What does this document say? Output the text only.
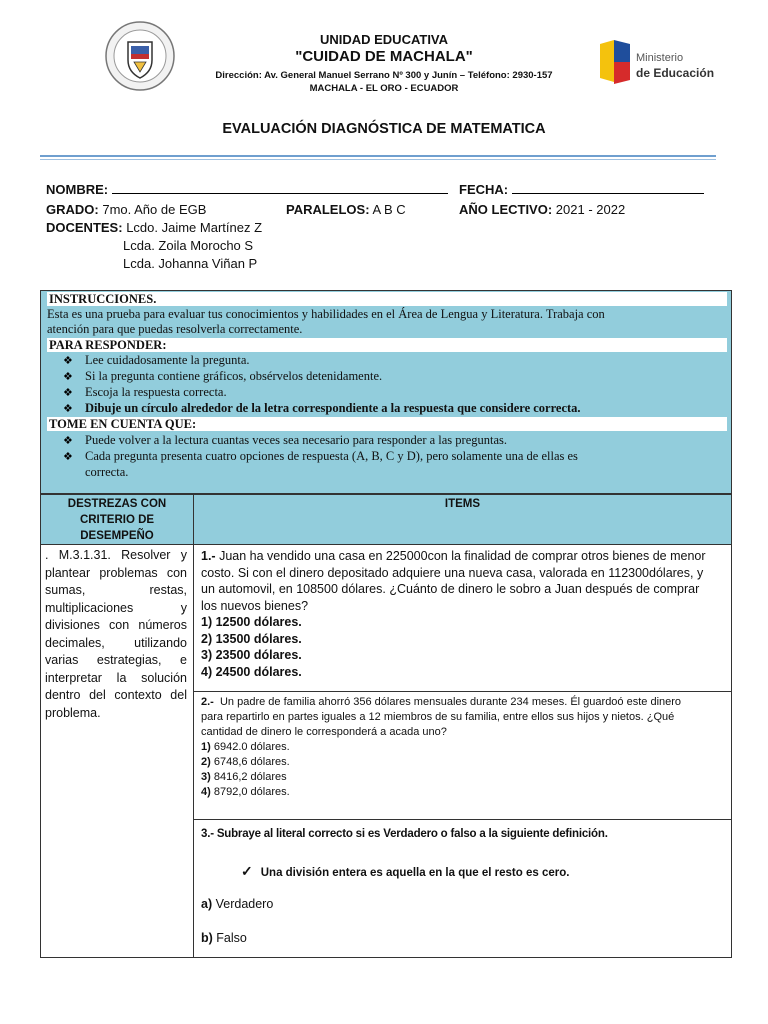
Ministerio
de Educación
UNIDAD EDUCATIVA
"CUIDAD DE MACHALA"
Dirección: Av. General Manuel Serrano Nº 300 y Junín – Teléfono: 2930-157
MACHALA - EL ORO - ECUADOR
EVALUACIÓN DIAGNÓSTICA DE MATEMATICA
NOMBRE:	FECHA:
GRADO: 7mo. Año de EGB	PARALELOS: A B C	AÑO LECTIVO: 2021 - 2022
DOCENTES: Lcdo. Jaime Martínez Z
Lcda. Zoila Morocho S
Lcda. Johanna Viñan P
INSTRUCCIONES.
Esta es una prueba para evaluar tus conocimientos y habilidades en el Área de Lengua y Literatura. Trabaja con
atención para que puedas resolverla correctamente.
PARA RESPONDER:
❖ Lee cuidadosamente la pregunta.
❖ Si la pregunta contiene gráficos, obsérvelos detenidamente.
❖ Escoja la respuesta correcta.
❖ Dibuje un círculo alrededor de la letra correspondiente a la respuesta que considere correcta.
TOME EN CUENTA QUE:
❖ Puede volver a la lectura cuantas veces sea necesario para responder a las preguntas.
❖ Cada pregunta presenta cuatro opciones de respuesta (A, B, C y D), pero solamente una de ellas es
correcta.
DESTREZAS CON
CRITERIO DE
DESEMPEÑO
ITEMS
. M.3.1.31. Resolver y plantear problemas con sumas, restas, multiplicaciones y divisiones con números decimales, utilizando varias estrategias, e interpretar la solución dentro del contexto del problema.
1.- Juan ha vendido una casa en 225000con la finalidad de comprar otros bienes de menor
costo. Si con el dinero depositado adquiere una nueva casa, valorada en 112300dólares, y
un automovil, en 108500 dólares. ¿Cuánto de dinero le sobro a Juan después de comprar
los nuevos bienes?
1) 12500 dólares.
2) 13500 dólares.
3) 23500 dólares.
4) 24500 dólares.
2.- Un padre de familia ahorró 356 dólares mensuales durante 234 meses. Él guardoó este dinero
para repartirlo en partes iguales a 12 miembros de su familia, entre ellos sus hijos y nietos. ¿Qué
cantidad de dinero le corresponderá a acada uno?
1) 6942.0 dólares.
2) 6748,6 dólares.
3) 8416,2 dólares
4) 8792,0 dólares.
3.- Subraye al literal correcto si es Verdadero o falso a la siguiente definición.
✓ Una división entera es aquella en la que el resto es cero.
a) Verdadero
b) Falso
